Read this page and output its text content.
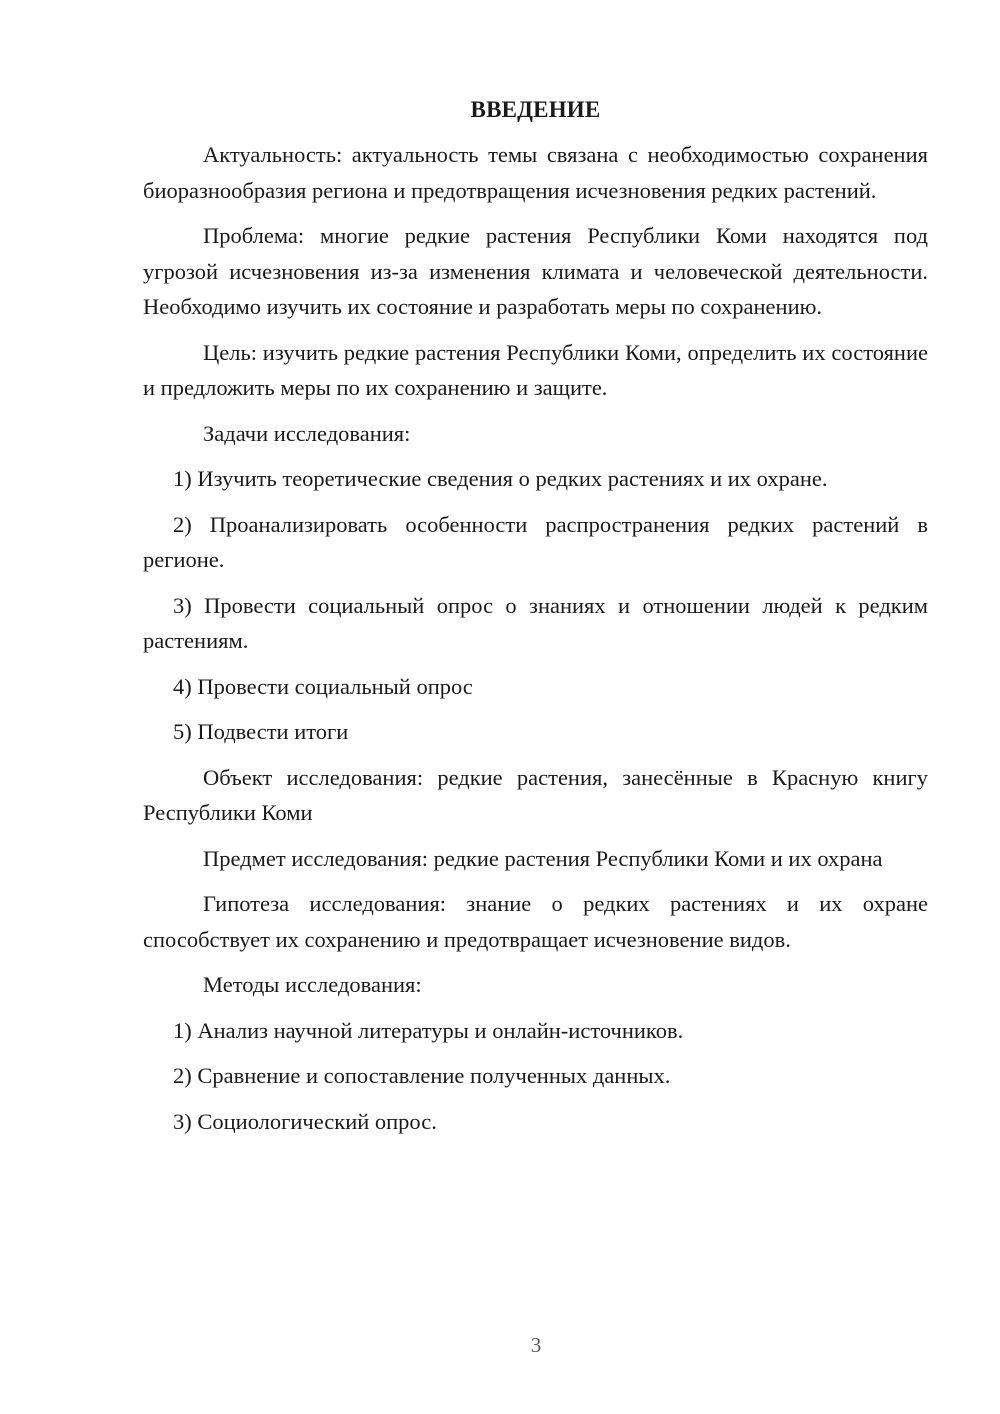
ВВЕДЕНИЕ

Актуальность: актуальность темы связана с необходимостью сохранения биоразнообразия региона и предотвращения исчезновения редких растений.

Проблема: многие редкие растения Республики Коми находятся под угрозой исчезновения из-за изменения климата и человеческой деятельности. Необходимо изучить их состояние и разработать меры по сохранению.

Цель: изучить редкие растения Республики Коми, определить их состояние и предложить меры по их сохранению и защите.

Задачи исследования:

1) Изучить теоретические сведения о редких растениях и их охране.

2) Проанализировать особенности распространения редких растений в регионе.

3) Провести социальный опрос о знаниях и отношении людей к редким растениям.

4) Провести социальный опрос

5) Подвести итоги

Объект исследования: редкие растения, занесённые в Красную книгу Республики Коми

Предмет исследования: редкие растения Республики Коми и их охрана

Гипотеза исследования: знание о редких растениях и их охране способствует их сохранению и предотвращает исчезновение видов.

Методы исследования:

1) Анализ научной литературы и онлайн-источников.

2) Сравнение и сопоставление полученных данных.

3) Социологический опрос.

3
